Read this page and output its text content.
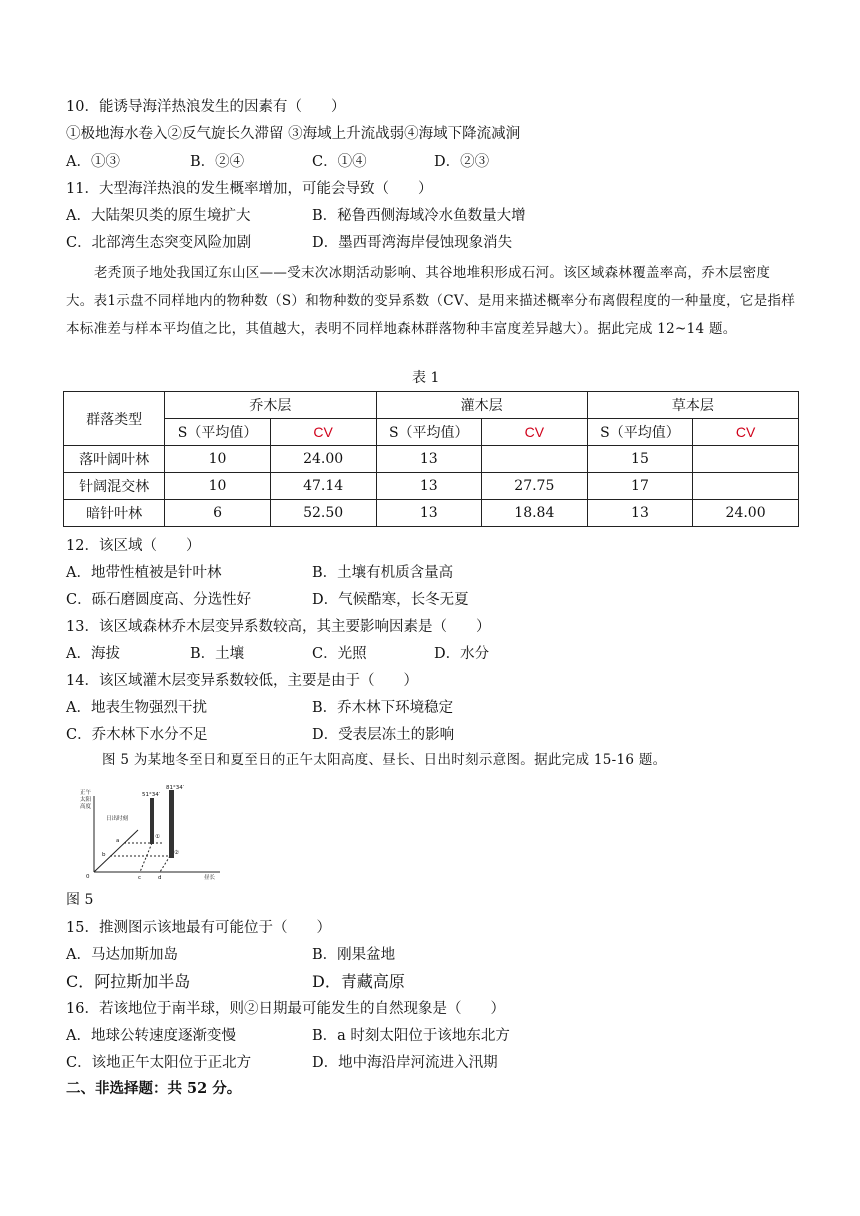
10．能诱导海洋热浪发生的因素有（　　）
①极地海水卷入②反气旋长久滞留 ③海域上升流战弱④海域下降流减涧
A．①③	B．②④	C．①④	D．②③
11．大型海洋热浪的发生概率增加，可能会导致（　　）
A．大陆架贝类的原生境扩大	B．秘鲁西侧海域冷水鱼数量大增
C．北部湾生态突变风险加剧	D．墨西哥湾海岸侵蚀现象消失
老秃顶子地处我国辽东山区——受末次冰期活动影响、其谷地堆积形成石河。该区域森林覆盖率高，乔木层密度大。表1示盘不同样地内的物种数（S）和物种数的变异系数（CV、是用来描述概率分布离假程度的一种量度，它是指样本标准差与样本平均值之比，其值越大，表明不同样地森林群落物种丰富度差异越大）。据此完成 12~14 题。
表 1
群落类型	乔木层		灌木层		草本层	
	S（平均值）	CV	S（平均值）	CV	S（平均值）	CV
落叶阔叶林	10	24.00	13		15	
针阔混交林	10	47.14	13	27.75	17	
暗针叶林	6	52.50	13	18.84	13	24.00
12．该区域（　　）
A．地带性植被是针叶林	B．土壤有机质含量高
C．砾石磨圆度高、分选性好	D．气候酷寒，长冬无夏
13．该区域森林乔木层变异系数较高，其主要影响因素是（　　）
A．海拔	B．土壤	C．光照	D．水分
14．该区域灌木层变异系数较低，主要是由于（　　）
A．地表生物强烈干扰	B．乔木林下环境稳定
C．乔木林下水分不足	D．受表层冻土的影响
图 5 为某地冬至日和夏至日的正午太阳高度、昼长、日出时刻示意图。据此完成 15-16 题。
正午
太阳
高度
日出时刻
51°34′
81°34′
①
②
0
a
b
c	d	昼长
图 5
15．推测图示该地最有可能位于（　　）
A．马达加斯加岛	B．刚果盆地
C．阿拉斯加半岛	D．青藏高原
16．若该地位于南半球，则②日期最可能发生的自然现象是（　　）
A．地球公转速度逐渐变慢	B．a 时刻太阳位于该地东北方
C．该地正午太阳位于正北方	D．地中海沿岸河流进入汛期
二、非选择题：共 52 分。
